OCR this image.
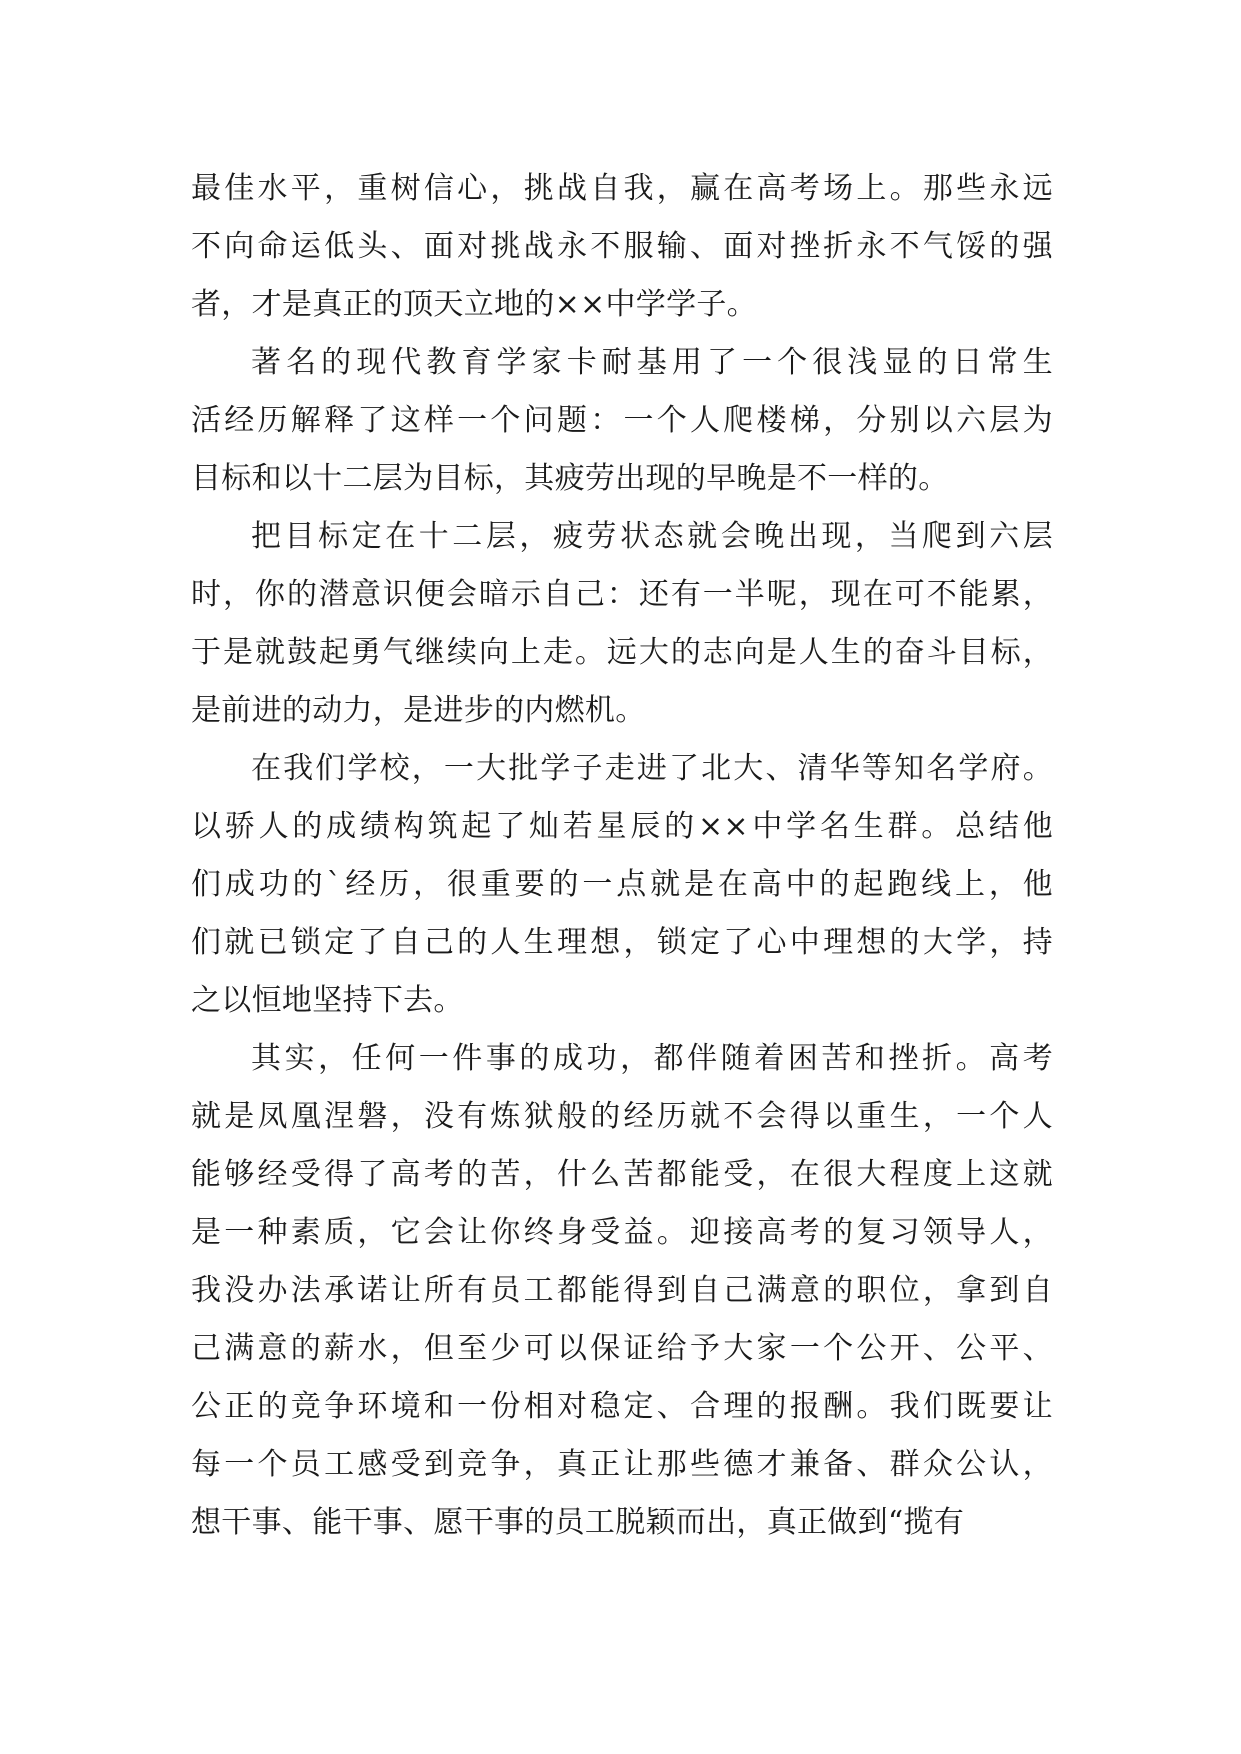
最佳水平，重树信心，挑战自我，赢在高考场上。那些永远
不向命运低头、面对挑战永不服输、面对挫折永不气馁的强
者，才是真正的顶天立地的××中学学子。
著名的现代教育学家卡耐基用了一个很浅显的日常生
活经历解释了这样一个问题：一个人爬楼梯，分别以六层为
目标和以十二层为目标，其疲劳出现的早晚是不一样的。
把目标定在十二层，疲劳状态就会晚出现，当爬到六层
时，你的潜意识便会暗示自己：还有一半呢，现在可不能累，
于是就鼓起勇气继续向上走。远大的志向是人生的奋斗目标，
是前进的动力，是进步的内燃机。
在我们学校，一大批学子走进了北大、清华等知名学府。
以骄人的成绩构筑起了灿若星辰的××中学名生群。总结他
们成功的`经历，很重要的一点就是在高中的起跑线上，他
们就已锁定了自己的人生理想，锁定了心中理想的大学，持
之以恒地坚持下去。
其实，任何一件事的成功，都伴随着困苦和挫折。高考
就是凤凰涅磐，没有炼狱般的经历就不会得以重生，一个人
能够经受得了高考的苦，什么苦都能受，在很大程度上这就
是一种素质，它会让你终身受益。迎接高考的复习领导人，
我没办法承诺让所有员工都能得到自己满意的职位，拿到自
己满意的薪水，但至少可以保证给予大家一个公开、公平、
公正的竞争环境和一份相对稳定、合理的报酬。我们既要让
每一个员工感受到竞争，真正让那些德才兼备、群众公认，
想干事、能干事、愿干事的员工脱颖而出，真正做到“揽有
